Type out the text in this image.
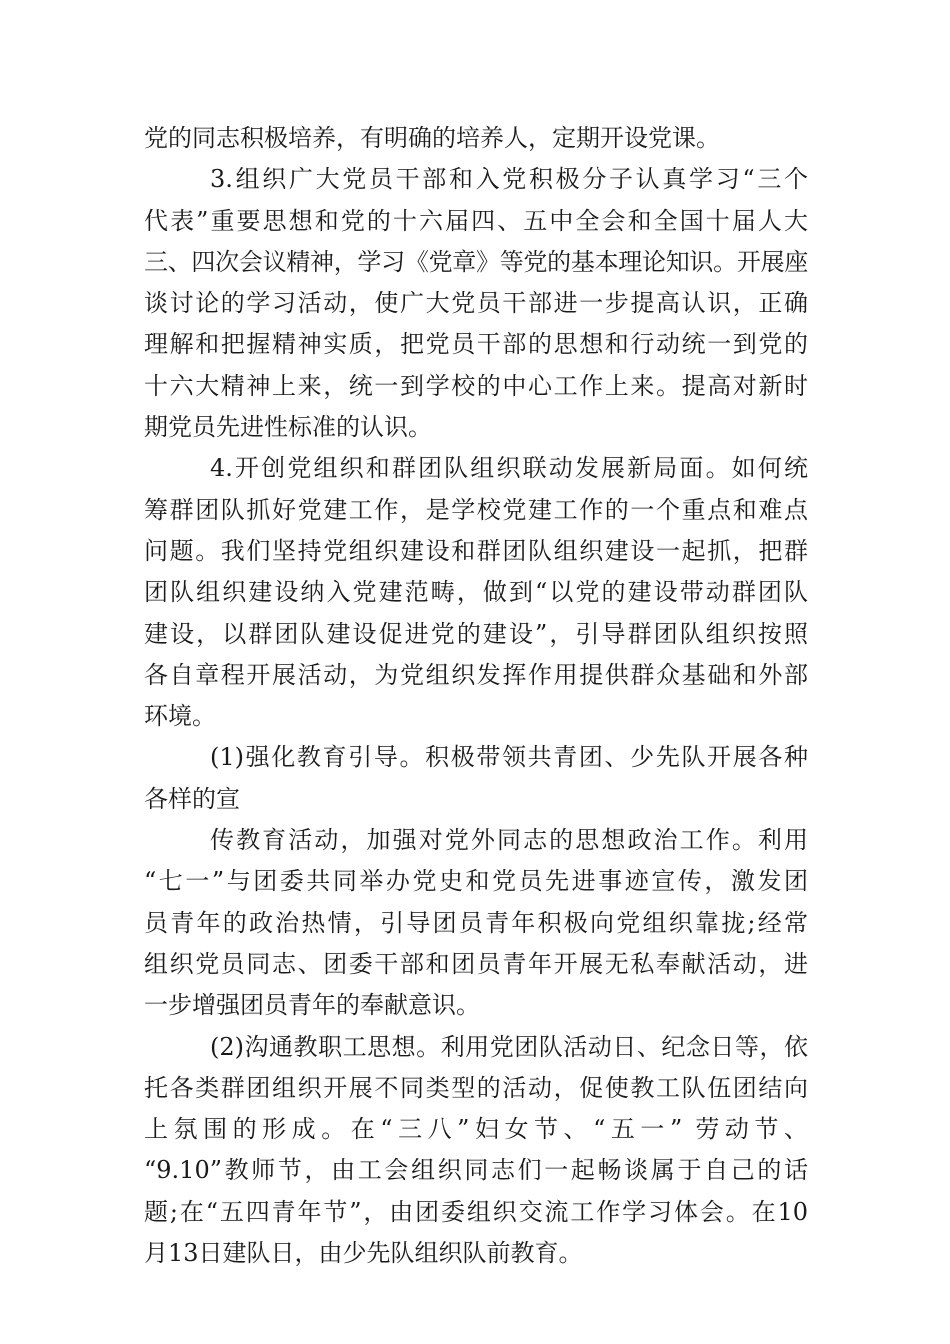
党的同志积极培养，有明确的培养人，定期开设党课。
3.组织广大党员干部和入党积极分子认真学习“三个
代表”重要思想和党的十六届四、五中全会和全国十届人大
三、四次会议精神，学习《党章》等党的基本理论知识。开展座
谈讨论的学习活动，使广大党员干部进一步提高认识，正确
理解和把握精神实质，把党员干部的思想和行动统一到党的
十六大精神上来，统一到学校的中心工作上来。提高对新时
期党员先进性标准的认识。
4.开创党组织和群团队组织联动发展新局面。如何统
筹群团队抓好党建工作，是学校党建工作的一个重点和难点
问题。我们坚持党组织建设和群团队组织建设一起抓，把群
团队组织建设纳入党建范畴，做到“以党的建设带动群团队
建设，以群团队建设促进党的建设”，引导群团队组织按照
各自章程开展活动，为党组织发挥作用提供群众基础和外部
环境。
(1)强化教育引导。积极带领共青团、少先队开展各种
各样的宣
传教育活动，加强对党外同志的思想政治工作。利用
“七一”与团委共同举办党史和党员先进事迹宣传，激发团
员青年的政治热情，引导团员青年积极向党组织靠拢;经常
组织党员同志、团委干部和团员青年开展无私奉献活动，进
一步增强团员青年的奉献意识。
(2)沟通教职工思想。利用党团队活动日、纪念日等，依
托各类群团组织开展不同类型的活动，促使教工队伍团结向
上氛围的形成。在“三八”妇女节、“五一” 劳动节、
“9.10”教师节，由工会组织同志们一起畅谈属于自己的话
题;在“五四青年节”，由团委组织交流工作学习体会。在10
月13日建队日，由少先队组织队前教育。
